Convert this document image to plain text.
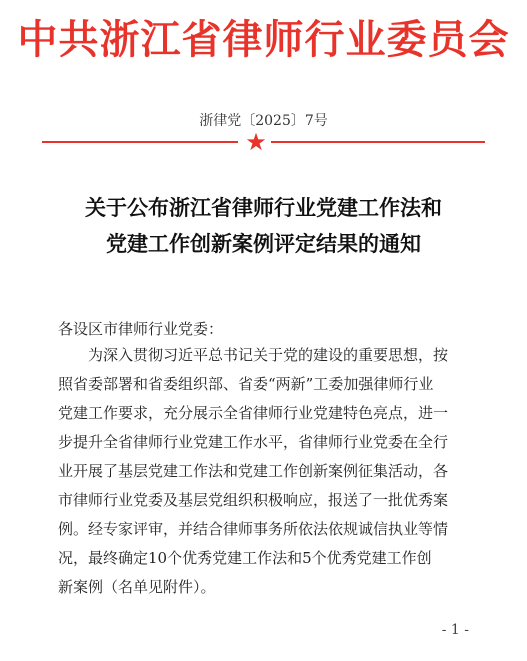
中共浙江省律师行业委员会
浙律党〔2025〕7号
★
关于公布浙江省律师行业党建工作法和
党建工作创新案例评定结果的通知
各设区市律师行业党委：
为深入贯彻习近平总书记关于党的建设的重要思想，按
照省委部署和省委组织部、省委“两新”工委加强律师行业
党建工作要求，充分展示全省律师行业党建特色亮点，进一
步提升全省律师行业党建工作水平，省律师行业党委在全行
业开展了基层党建工作法和党建工作创新案例征集活动，各
市律师行业党委及基层党组织积极响应，报送了一批优秀案
例。经专家评审，并结合律师事务所依法依规诚信执业等情
况，最终确定10个优秀党建工作法和5个优秀党建工作创
新案例（名单见附件）。
- 1 -
